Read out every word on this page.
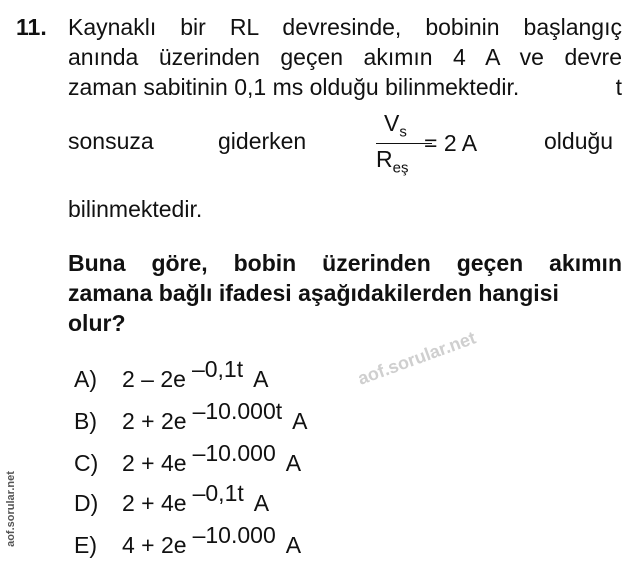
11. Kaynaklı bir RL devresinde, bobinin başlangıç
anında üzerinden geçen akımın 4 A ve devre
zaman sabitinin 0,1 ms olduğu bilinmektedir.	t
sonsuza	giderken
$V_s$
$R_{eş}$
= 2 A	olduğu
bilinmektedir.
Buna göre, bobin üzerinden geçen akımın
zamana bağlı ifadesi aşağıdakilerden hangisi
olur?
A) 2 – 2e –0,1t A
B) 2 + 2e –10.000t A
C) 2 + 4e –10.000 A
D) 2 + 4e –0,1t A
E) 4 + 2e –10.000 A
aof.sorular.net
aof.sorular.net
